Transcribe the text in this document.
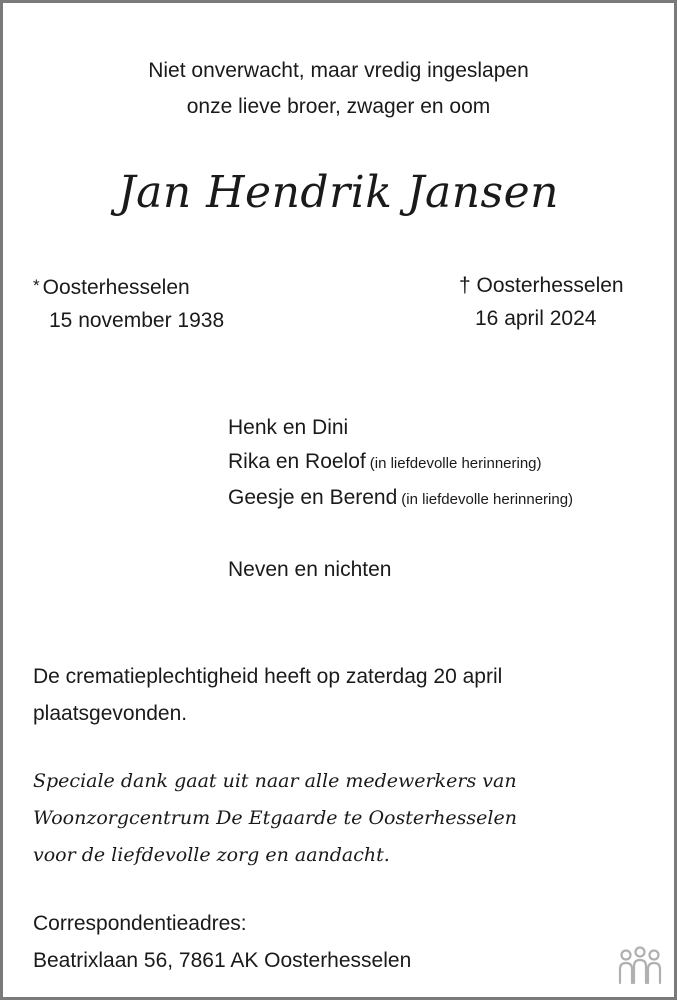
Niet onverwacht, maar vredig ingeslapen
onze lieve broer, zwager en oom
Jan Hendrik Jansen
* Oosterhesselen
15 november 1938
† Oosterhesselen
16 april 2024
Henk en Dini
Rika en Roelof (in liefdevolle herinnering)
Geesje en Berend (in liefdevolle herinnering)
Neven en nichten
De crematieplechtigheid heeft op zaterdag 20 april
plaatsgevonden.
Speciale dank gaat uit naar alle medewerkers van
Woonzorgcentrum De Etgaarde te Oosterhesselen
voor de liefdevolle zorg en aandacht.
Correspondentieadres:
Beatrixlaan 56, 7861 AK Oosterhesselen
